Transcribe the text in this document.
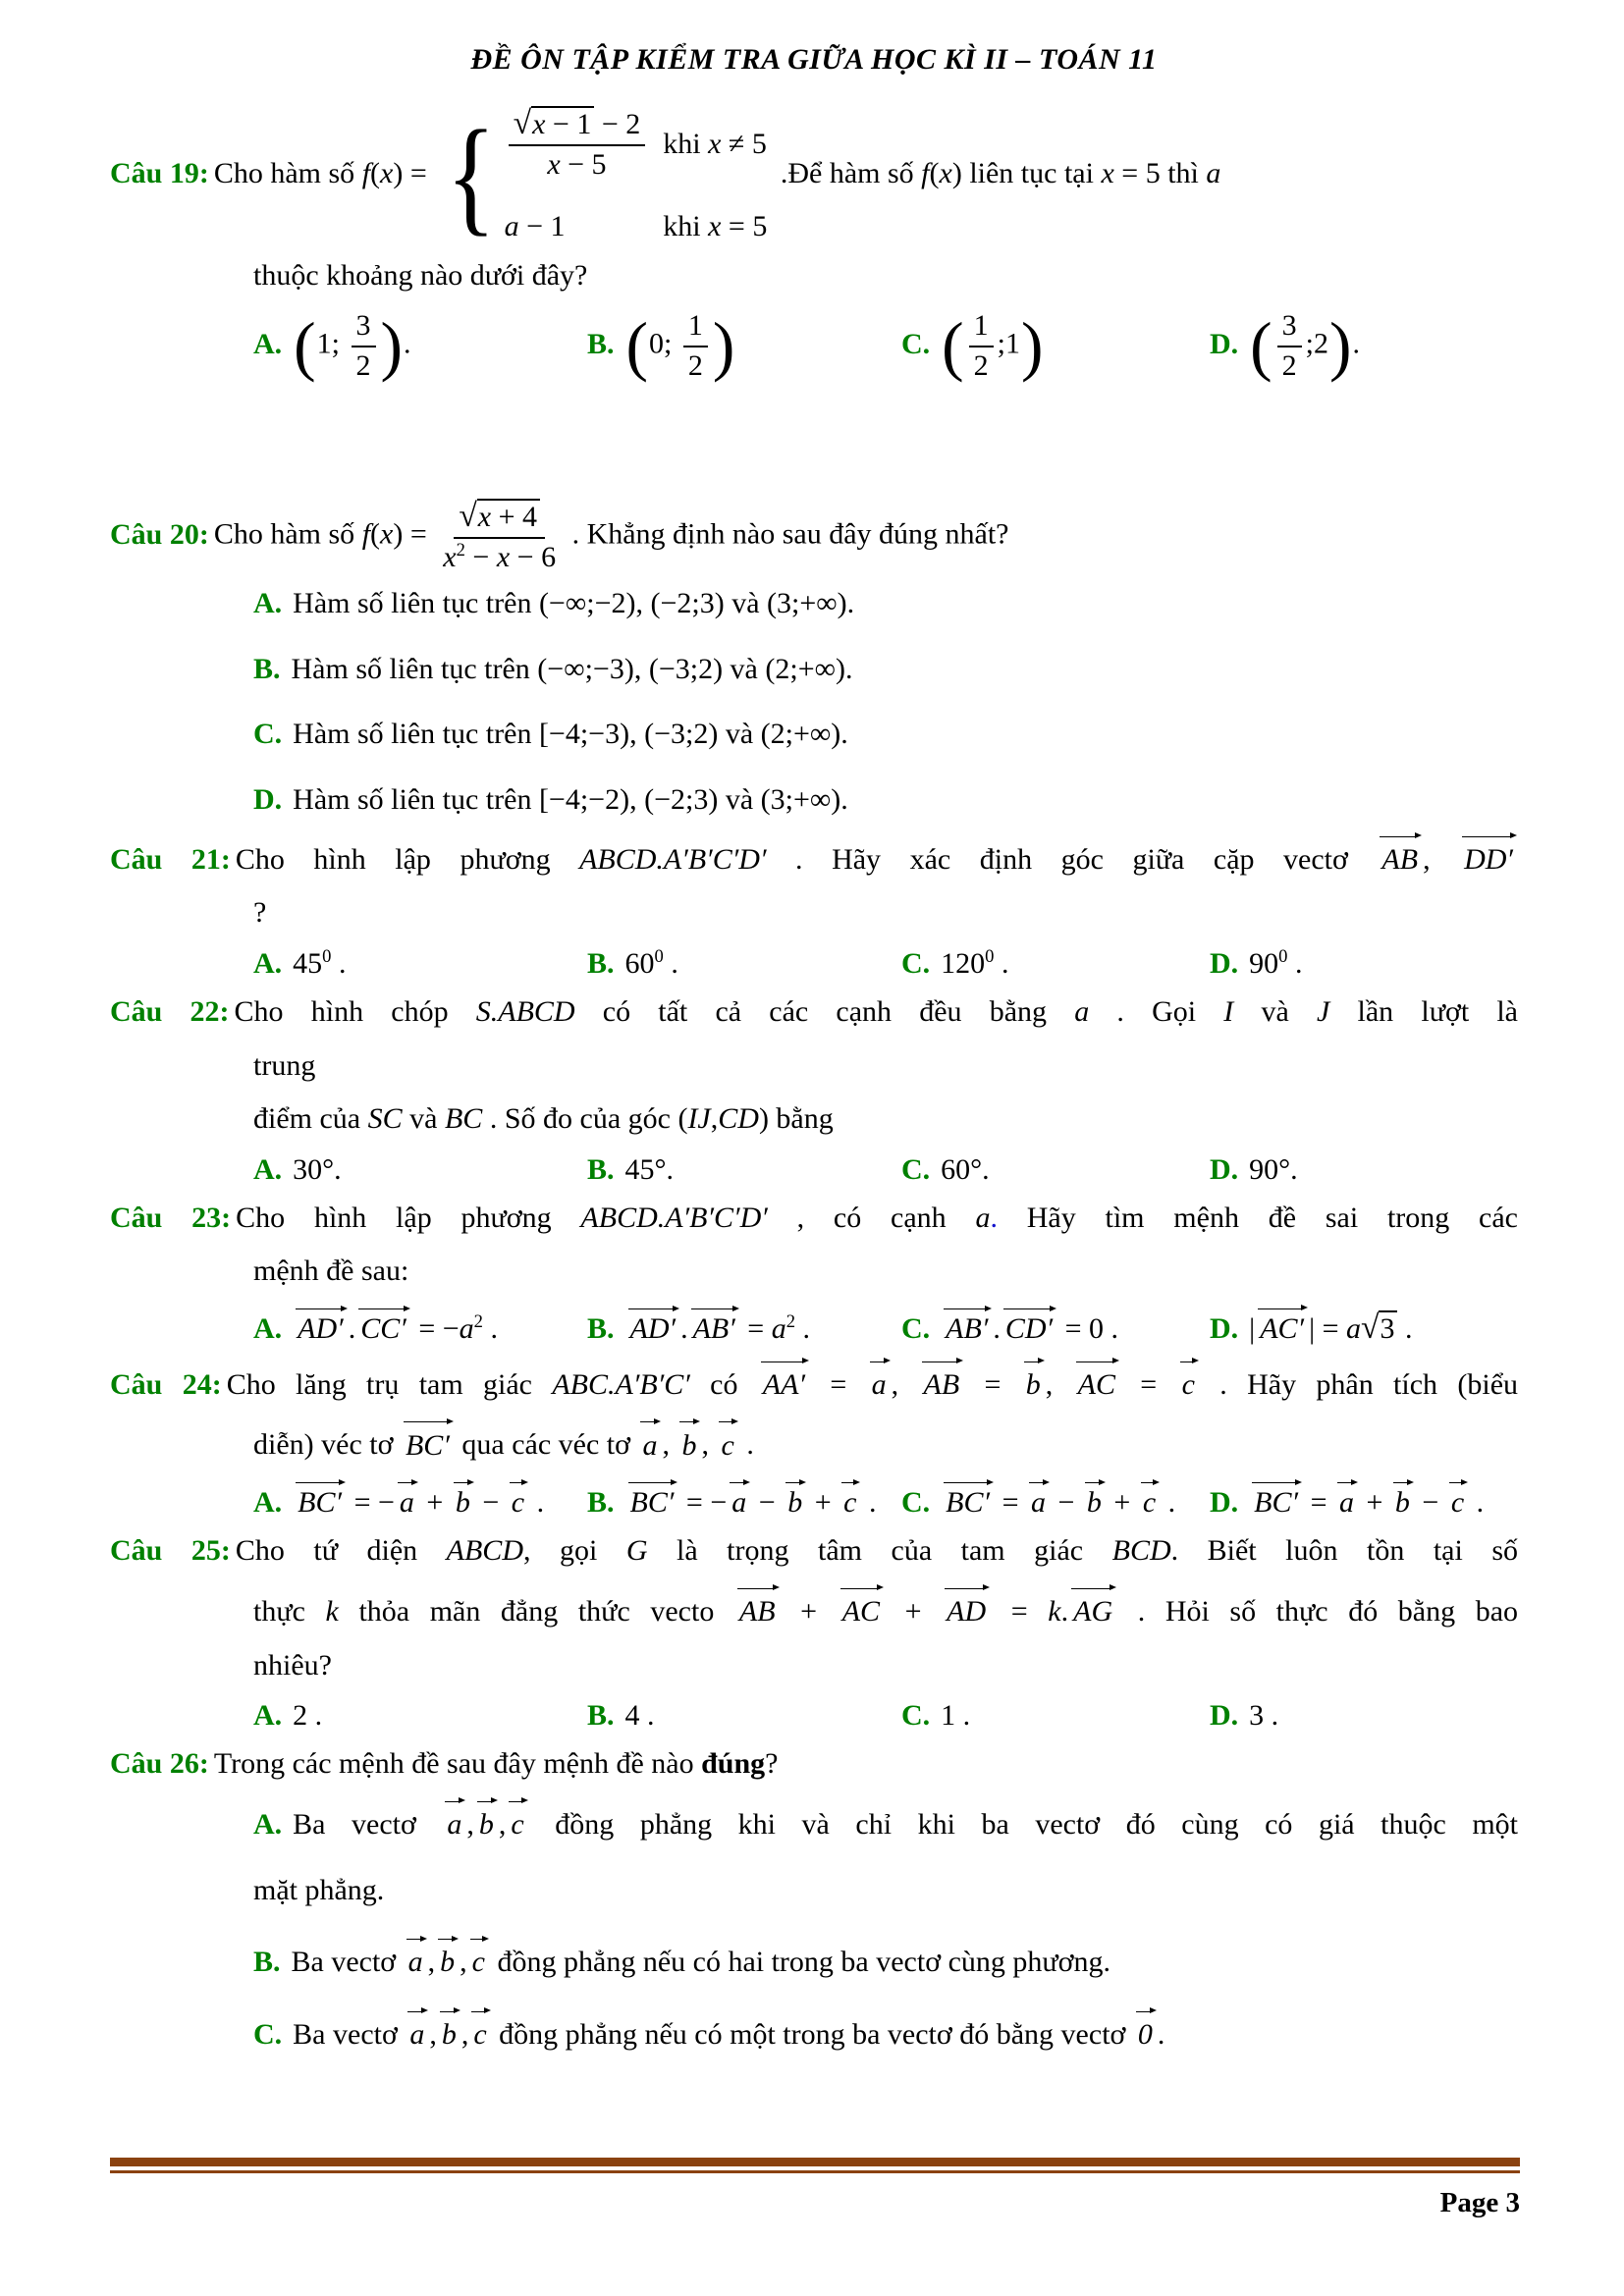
ĐỀ ÔN TẬP KIỂM TRA GIỮA HỌC KÌ II – TOÁN 11
Câu 19: Cho hàm số f(x) = { $\frac{√ x - 1 - 2}{x - 5}$ khi x ≠ 5
a − 1	khi x = 5
.Để hàm số f(x) liên tục tại x = 5 thì a
thuộc khoảng nào dưới đây?
A. (1; $\frac{3}{2}$ ).	B. (0; $\frac{1}{2}$ )	C. ( $\frac{1}{2}$ ;1)	D. ( $\frac{3}{2}$ ;2).
Câu 20: Cho hàm số $f(x) = \frac{√ x + 4}{x^2 - x - 6}$ . Khẳng định nào sau đây đúng nhất?
A. Hàm số liên tục trên (−∞;−2), (−2;3) và (3;+∞).
B. Hàm số liên tục trên (−∞;−3), (−3;2) và (2;+∞).
C. Hàm số liên tục trên [−4;−3), (−3;2) và (2;+∞).
D. Hàm số liên tục trên [−4;−2), (−2;3) và (3;+∞).
Câu 21: Cho hình lập phương ABCD.A′B′C′D′ . Hãy xác định góc giữa cặp vectơ AB , DD′
?
A. $45^0$ .	B. $60^0$ .	C. $120^0$ .	D. $90^0$ .
Câu 22: Cho hình chóp S.ABCD có tất cả các cạnh đều bằng a . Gọi I và J lần lượt là
trung
điểm của SC và BC . Số đo của góc (IJ,CD) bằng
A. 30°.	B. 45°.	C. 60°.	D. 90°.
Câu 23: Cho hình lập phương ABCD.A′B′C′D′ , có cạnh a. Hãy tìm mệnh đề sai trong các
mệnh đề sau:
A. AD′ . $CC' = -a^2$ .	B. AD′ . $AB' = a^2$ .	C. AB′ . CD′ = 0 .	D. | AC′ | = a √ 3 .
Câu 24: Cho lăng trụ tam giác ABC.A′B′C′ có AA′ = a , AB = b , AC = c . Hãy phân tích (biểu
diễn) véc tơ BC′ qua các véc tơ a , b , c .
A. BC′ = − a + b − c .	B. BC′ = − a − b + c . C. BC′ = a − b + c .	D. BC′ = a + b − c .
Câu 25: Cho tứ diện ABCD, gọi G là trọng tâm của tam giác BCD. Biết luôn tồn tại số
thực k thỏa mãn đẳng thức vecto AB + AC + AD = k. AG . Hỏi số thực đó bằng bao
nhiêu?
A. 2 .	B. 4 .	C. 1 .	D. 3 .
Câu 26: Trong các mệnh đề sau đây mệnh đề nào đúng?
A. Ba vectơ a , b , c đồng phẳng khi và chỉ khi ba vectơ đó cùng có giá thuộc một
mặt phẳng.
B. Ba vectơ a , b , c đồng phẳng nếu có hai trong ba vectơ cùng phương.
C. Ba vectơ a , b , c đồng phẳng nếu có một trong ba vectơ đó bằng vectơ 0 .
Page 3
